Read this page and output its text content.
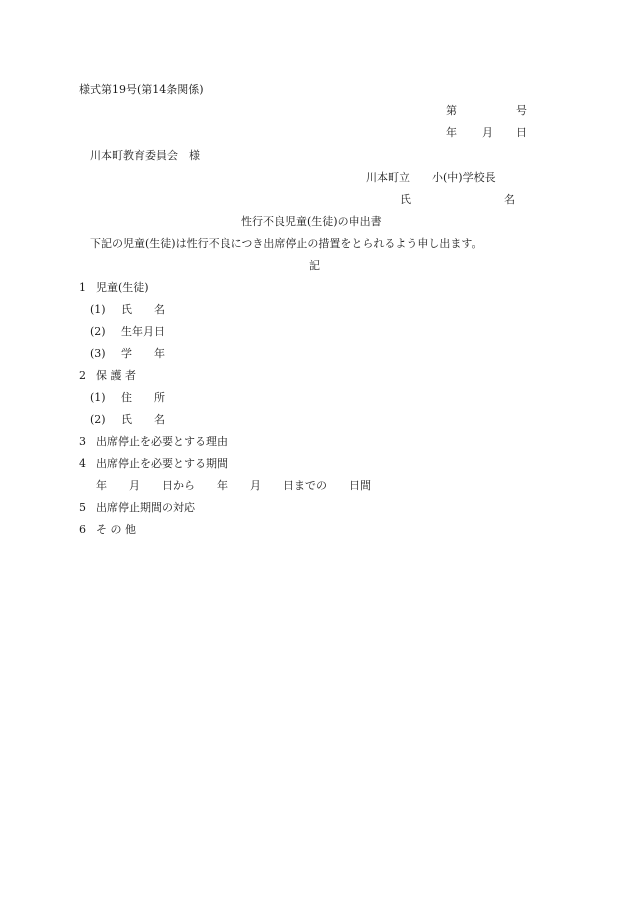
様式第19号(第14条関係)
第	号
年 月 日
川本町教育委員会　様
川本町立　　小(中)学校長
氏	名
性行不良児童(生徒)の申出書
下記の児童(生徒)は性行不良につき出席停止の措置をとられるよう申し出ます。
記
1 児童(生徒)
(1) 氏　　名
(2) 生年月日
(3) 学　　年
2 保 護 者
(1) 住　　所
(2) 氏　　名
3 出席停止を必要とする理由
4 出席停止を必要とする期間
年　　月　　日から　　年　　月　　日までの　　日間
5 出席停止期間の対応
6 そ の 他
